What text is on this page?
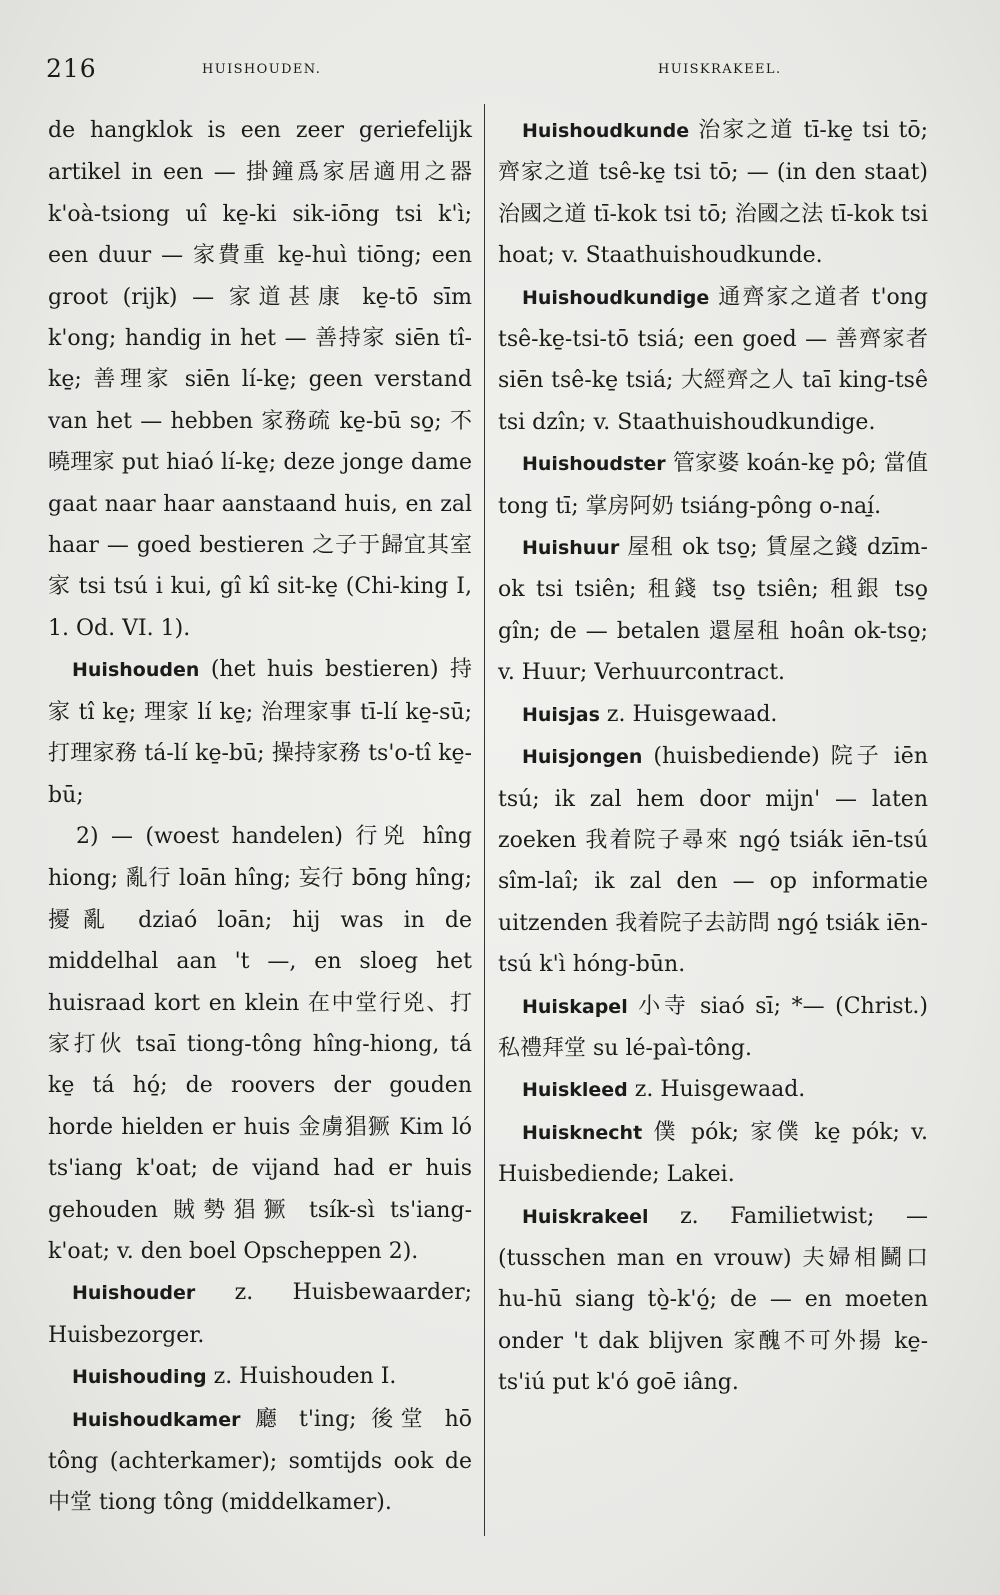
216	HUISHOUDEN.	HUISKRAKEEL.

de hangklok is een zeer geriefelijk artikel in een — 掛鐘爲家居適用之器 k'oà-tsiong uî ke̱-ki sik-iōng tsi k'ì; een duur — 家費重 ke̱-huì tiōng; een groot (rijk) — 家道甚康 ke̱-tō sīm k'ong; handig in het — 善持家 siēn tî-ke̱; 善理家 siēn lí-ke̱; geen verstand van het — hebben 家務疏 ke̱-bū so̱; 不曉理家 put hiaó lí-ke̱; deze jonge dame gaat naar haar aanstaand huis, en zal haar — goed bestieren 之子于歸宜其室家 tsi tsú i kui, gî kî sit-ke̱ (Chi-king I, 1. Od. VI. 1).

Huishouden (het huis bestieren) 持家 tî ke̱; 理家 lí ke̱; 治理家事 tī-lí ke̱-sū; 打理家務 tá-lí ke̱-bū; 操持家務 ts'o-tî ke̱-bū;

2) — (woest handelen) 行兇 hîng hiong; 亂行 loān hîng; 妄行 bōng hîng; 擾亂 dziaó loān; hij was in de middelhal aan 't —, en sloeg het huisraad kort en klein 在中堂行兇、打家打伙 tsaī tiong-tông hîng-hiong, tá ke̱ tá hó̱; de roovers der gouden horde hielden er huis 金虜猖獗 Kim ló ts'iang k'oat; de vijand had er huis gehouden 賊勢猖獗 tsík-sì ts'iang-k'oat; v. den boel Opscheppen 2).

Huishouder z. Huisbewaarder; Huisbezorger.

Huishouding z. Huishouden I.

Huishoudkamer 廳 t'ing; 後堂 hō tông (achterkamer); somtijds ook de 中堂 tiong tông (middelkamer).

Huishoudkunde 治家之道 tī-ke̱ tsi tō; 齊家之道 tsê-ke̱ tsi tō; — (in den staat) 治國之道 tī-kok tsi tō; 治國之法 tī-kok tsi hoat; v. Staathuishoudkunde.

Huishoudkundige 通齊家之道者 t'ong tsê-ke̱-tsi-tō tsiá; een goed — 善齊家者 siēn tsê-ke̱ tsiá; 大經齊之人 taī king-tsê tsi dzîn; v. Staathuishoudkundige.

Huishoudster 管家婆 koán-ke̱ pô; 當值 tong tī; 掌房阿奶 tsiáng-pông o-naí̱.

Huishuur 屋租 ok tso̱; 賃屋之錢 dzīm-ok tsi tsiên; 租錢 tso̱ tsiên; 租銀 tso̱ gîn; de — betalen 還屋租 hoân ok-tso̱; v. Huur; Verhuurcontract.

Huisjas z. Huisgewaad.

Huisjongen (huisbediende) 院子 iēn tsú; ik zal hem door mijn' — laten zoeken 我着院子尋來 ngó̱ tsiák iēn-tsú sîm-laî; ik zal den — op informatie uitzenden 我着院子去訪問 ngó̱ tsiák iēn-tsú k'ì hóng-būn.

Huiskapel 小寺 siaó sī; *— (Christ.) 私禮拜堂 su lé-paì-tông.

Huiskleed z. Huisgewaad.

Huisknecht 僕 pók; 家僕 ke̱ pók; v. Huisbediende; Lakei.

Huiskrakeel z. Familietwist; — (tusschen man en vrouw) 夫婦相鬭口 hu-hū siang tò̱-k'ó̱; de — en moeten onder 't dak blijven 家醜不可外揚 ke̱-ts'iú put k'ó goē iâng.
